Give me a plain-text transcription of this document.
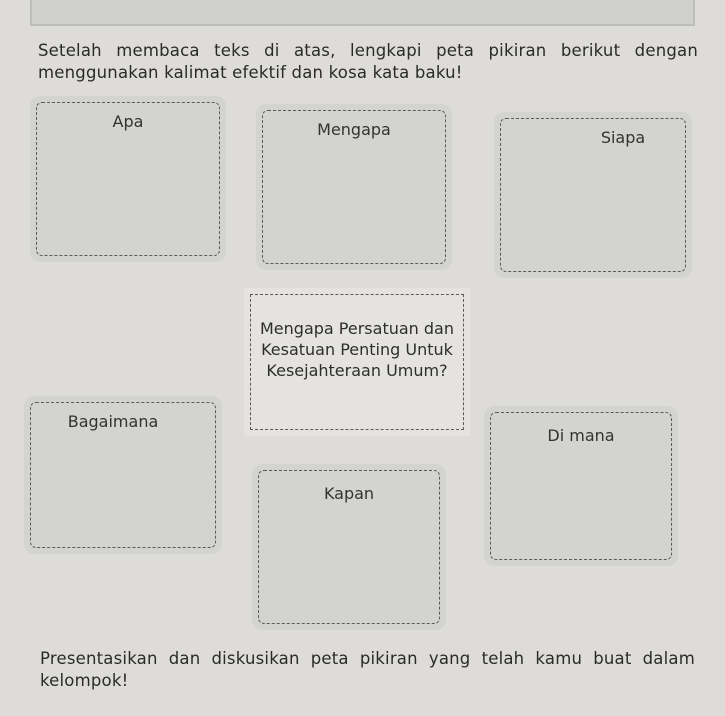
Setelah membaca teks di atas, lengkapi peta pikiran berikut dengan menggunakan kalimat efektif dan kosa kata baku!
Apa	Mengapa	Siapa
Mengapa Persatuan dan Kesatuan Penting Untuk Kesejahteraan Umum?
Bagaimana
Di mana
Kapan
Presentasikan dan diskusikan peta pikiran yang telah kamu buat dalam kelompok!
